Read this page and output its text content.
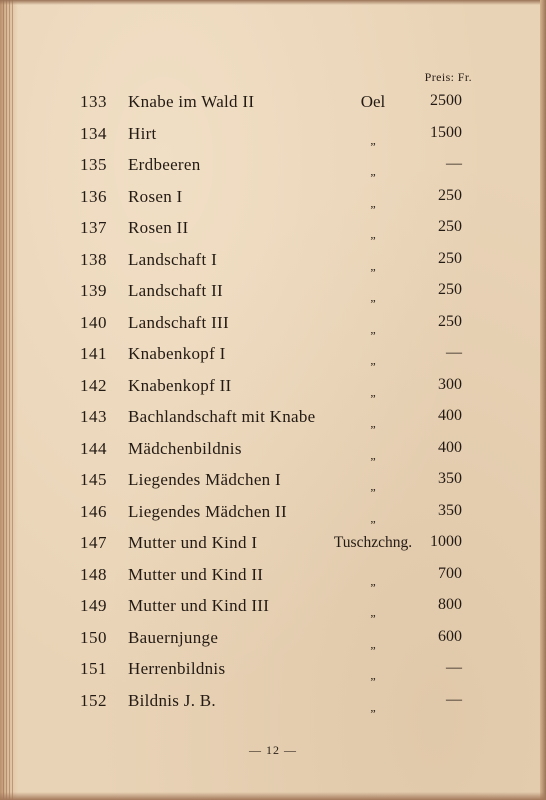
Preis: Fr.
133 Knabe im Wald II	Oel	2500
134 Hirt	„	1500
135 Erdbeeren	„	—
136 Rosen I	„	250
137 Rosen II	„	250
138 Landschaft I	„	250
139 Landschaft II	„	250
140 Landschaft III	„	250
141 Knabenkopf I	„	—
142 Knabenkopf II	„	300
143 Bachlandschaft mit Knabe	„	400
144 Mädchenbildnis	„	400
145 Liegendes Mädchen I	„	350
146 Liegendes Mädchen II	„	350
147 Mutter und Kind I	Tuschzchng.	1000
148 Mutter und Kind II	„	700
149 Mutter und Kind III	„	800
150 Bauernjunge	„	600
151 Herrenbildnis	„	—
152 Bildnis J. B.	„	—
— 12 —
